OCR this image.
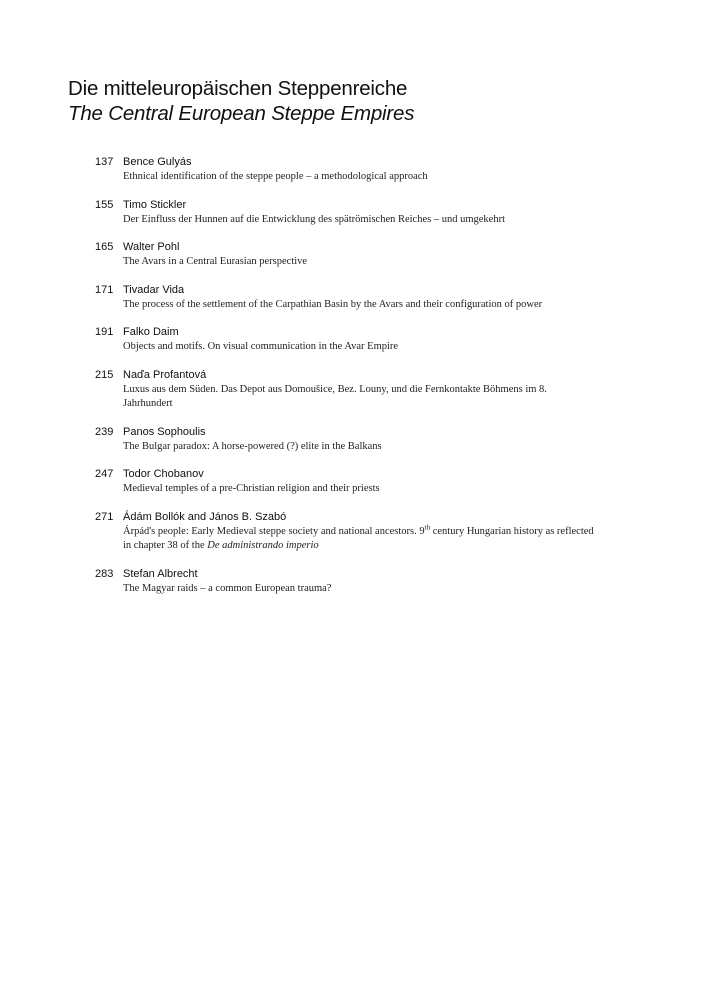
Die mitteleuropäischen Steppenreiche
The Central European Steppe Empires
137 Bence Gulyás
Ethnical identification of the steppe people – a methodological approach
155 Timo Stickler
Der Einfluss der Hunnen auf die Entwicklung des spätrömischen Reiches – und umgekehrt
165 Walter Pohl
The Avars in a Central Eurasian perspective
171 Tivadar Vida
The process of the settlement of the Carpathian Basin by the Avars and their configuration of power
191 Falko Daim
Objects and motifs. On visual communication in the Avar Empire
215 Naďa Profantová
Luxus aus dem Süden. Das Depot aus Domoušice, Bez. Louny, und die Fernkontakte Böhmens im 8. Jahrhundert
239 Panos Sophoulis
The Bulgar paradox: A horse-powered (?) elite in the Balkans
247 Todor Chobanov
Medieval temples of a pre-Christian religion and their priests
271 Ádám Bollók and János B. Szabó
Árpád's people: Early Medieval steppe society and national ancestors. 9th century Hungarian history as reflected in chapter 38 of the De administrando imperio
283 Stefan Albrecht
The Magyar raids – a common European trauma?
